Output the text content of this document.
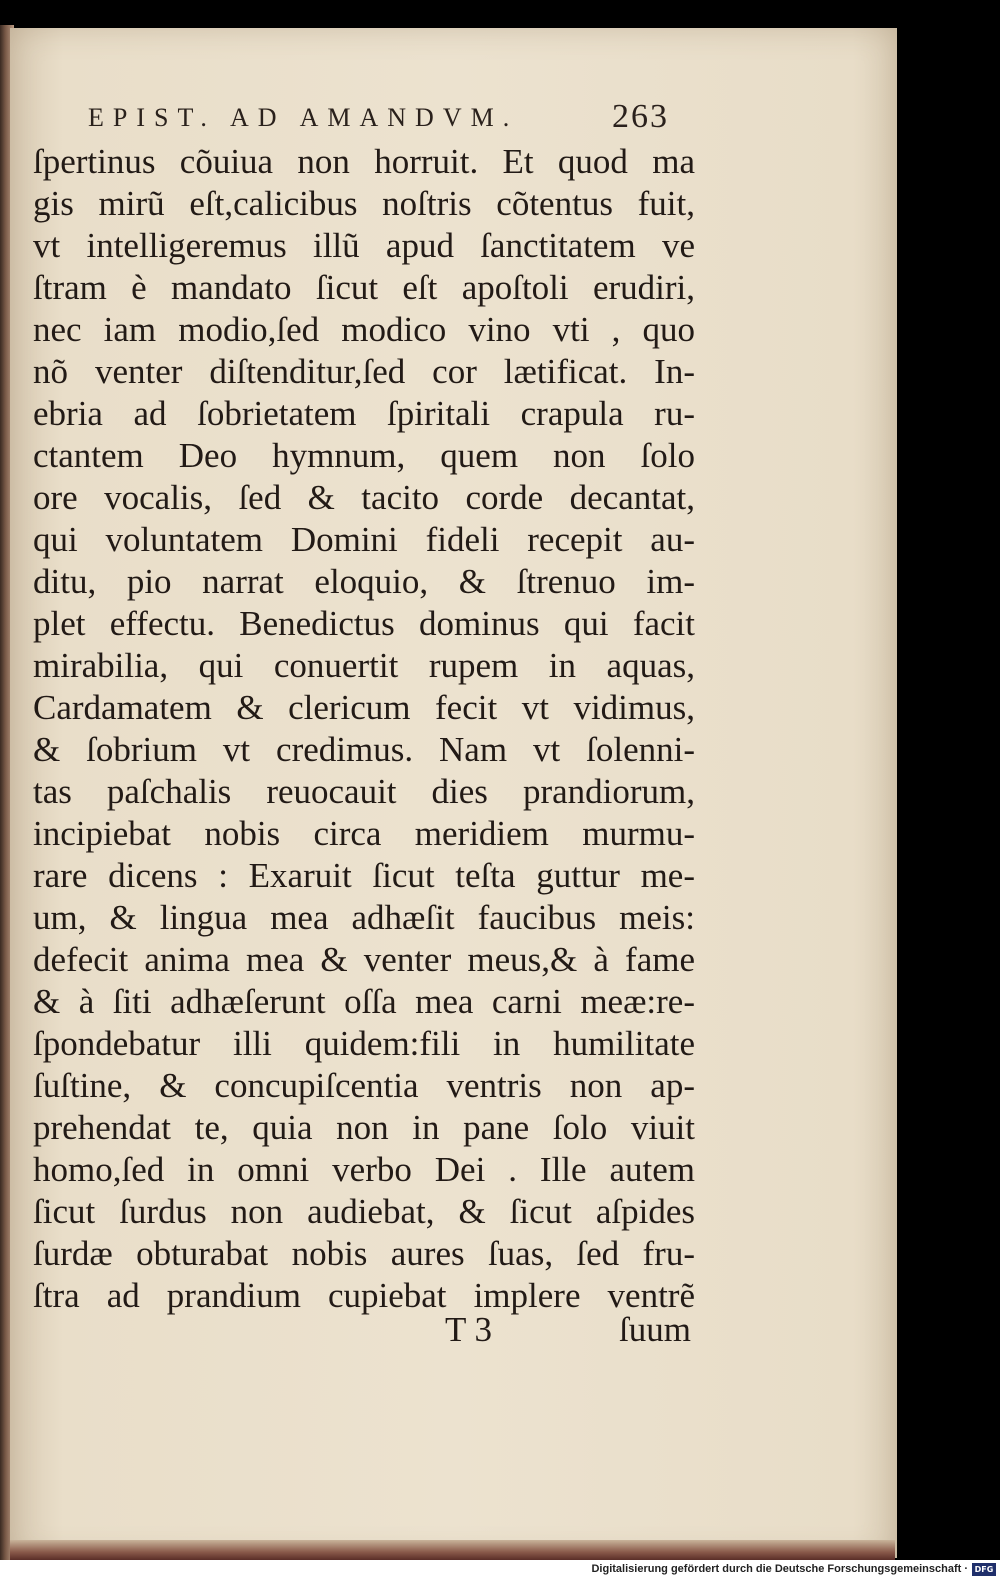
EPIST. AD AMANDVM.	263
ſpertinus cõuiua non horruit. Et quod ma
gis mirũ eſt,calicibus noſtris cõtentus fuit,
vt intelligeremus illũ apud ſanctitatem ve
ſtram è mandato ſicut eſt apoſtoli erudiri,
nec iam modio,ſed modico vino vti , quo
nõ venter diſtenditur,ſed cor lætificat. In-
ebria ad ſobrietatem ſpiritali crapula ru-
ctantem Deo hymnum, quem non ſolo
ore vocalis, ſed & tacito corde decantat,
qui voluntatem Domini fideli recepit au-
ditu, pio narrat eloquio, & ſtrenuo im-
plet effectu. Benedictus dominus qui facit
mirabilia, qui conuertit rupem in aquas,
Cardamatem & clericum fecit vt vidimus,
& ſobrium vt credimus. Nam vt ſolenni-
tas paſchalis reuocauit dies prandiorum,
incipiebat nobis circa meridiem murmu-
rare dicens : Exaruit ſicut teſta guttur me-
um, & lingua mea adhæſit faucibus meis:
defecit anima mea & venter meus,& à fame
& à ſiti adhæſerunt oſſa mea carni meæ:re-
ſpondebatur illi quidem:fili in humilitate
ſuſtine, & concupiſcentia ventris non ap-
prehendat te, quia non in pane ſolo viuit
homo,ſed in omni verbo Dei . Ille autem
ſicut ſurdus non audiebat, & ſicut aſpides
ſurdæ obturabat nobis aures ſuas, ſed fru-
ſtra ad prandium cupiebat implere ventrẽ
T 3	ſuum
Digitalisierung gefördert durch die Deutsche Forschungsgemeinschaft · DFG
